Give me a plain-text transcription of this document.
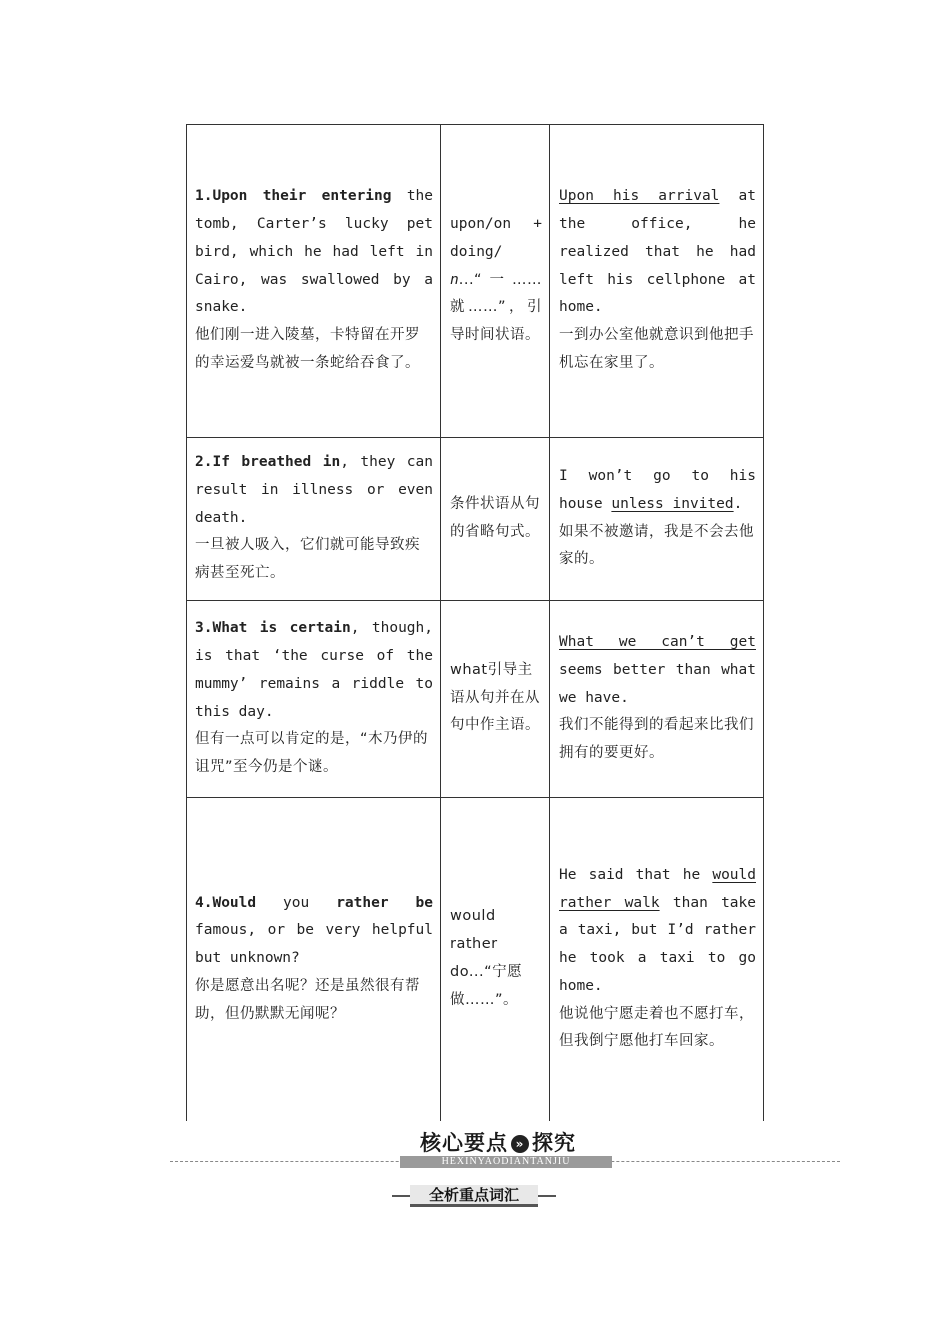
1.Upon their entering the tomb, Carter’s lucky pet bird, which he had left in Cairo, was swallowed by a snake.

他们刚一进入陵墓，卡特留在开罗的幸运爱鸟就被一条蛇给吞食了。

upon/on + doing/
n...“一……就……”，引导时间状语。

Upon his arrival at the office, he realized that he had left his cellphone at home.

一到办公室他就意识到他把手机忘在家里了。

2.If breathed in, they can result in illness or even death.

一旦被人吸入，它们就可能导致疾病甚至死亡。

条件状语从句的省略句式。

I won’t go to his house unless invited.

如果不被邀请，我是不会去他家的。

3.What is certain, though, is that ‘the curse of the mummy’ remains a riddle to this day.

但有一点可以肯定的是，“木乃伊的诅咒”至今仍是个谜。

what引导主语从句并在从句中作主语。

What we can’t get seems better than what we have.

我们不能得到的看起来比我们拥有的要更好。

4.Would you rather be famous, or be very helpful but unknown?

你是愿意出名呢？还是虽然很有帮助，但仍默默无闻呢？

would rather do...“宁愿做……”。

He said that he would rather walk than take a taxi, but I’d rather he took a taxi to go home.

他说他宁愿走着也不愿打车，但我倒宁愿他打车回家。

核心要点 » 探究
HEXINYAODIANTANJIU
全析重点词汇
